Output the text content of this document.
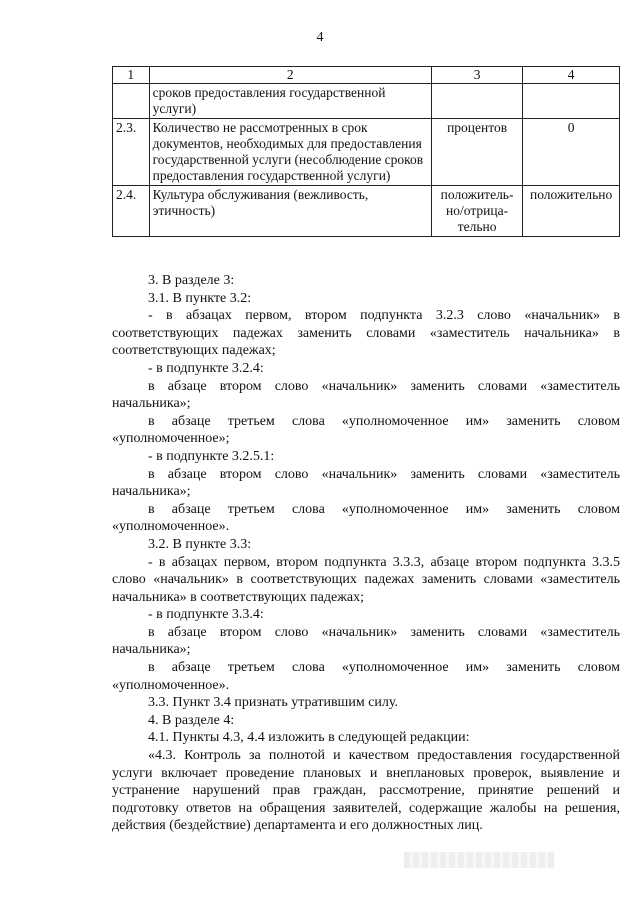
4
1	2	3	4
	сроков предоставления государственной услуги)		
2.3.	Количество не рассмотренных в срок документов, необходимых для предоставления государственной услуги (несоблюдение сроков предоставления государственной услуги)	процентов	0
2.4.	Культура обслуживания (вежливость, этичность)	положитель-но/отрица-тельно	положительно

3. В разделе 3:

3.1. В пункте 3.2:

- в абзацах первом, втором подпункта 3.2.3 слово «начальник» в соответствующих падежах заменить словами «заместитель начальника» в соответствующих падежах;

- в подпункте 3.2.4:

в абзаце втором слово «начальник» заменить словами «заместитель начальника»;

в абзаце третьем слова «уполномоченное им» заменить словом «уполномоченное»;

- в подпункте 3.2.5.1:

в абзаце втором слово «начальник» заменить словами «заместитель начальника»;

в абзаце третьем слова «уполномоченное им» заменить словом «уполномоченное».

3.2. В пункте 3.3:

- в абзацах первом, втором подпункта 3.3.3, абзаце втором подпункта 3.3.5 слово «начальник» в соответствующих падежах заменить словами «заместитель начальника» в соответствующих падежах;

- в подпункте 3.3.4:

в абзаце втором слово «начальник» заменить словами «заместитель начальника»;

в абзаце третьем слова «уполномоченное им» заменить словом «уполномоченное».

3.3. Пункт 3.4 признать утратившим силу.

4. В разделе 4:

4.1. Пункты 4.3, 4.4 изложить в следующей редакции:

«4.3. Контроль за полнотой и качеством предоставления государственной услуги включает проведение плановых и внеплановых проверок, выявление и устранение нарушений прав граждан, рассмотрение, принятие решений и подготовку ответов на обращения заявителей, содержащие жалобы на решения, действия (бездействие) департамента и его должностных лиц.
